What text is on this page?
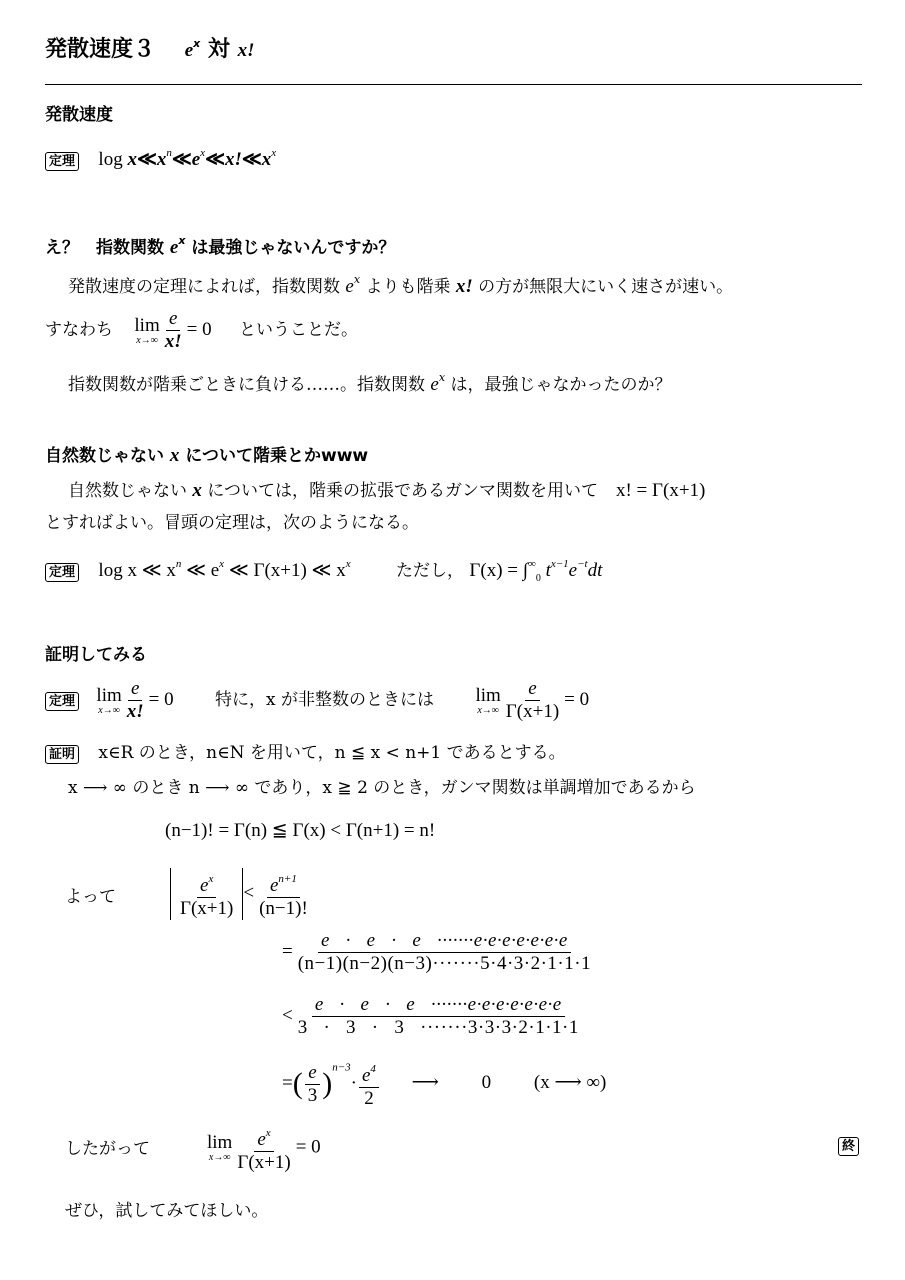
発散速度３ $e^x$ 対 x!
発散速度
定理 $\log x≪x^n≪e^x≪x!≪x^x$
え？　指数関数 $e^x$ は最強じゃないんですか？
発散速度の定理によれば，指数関数 $e^x$ よりも階乗 x! の方が無限大にいく速さが速い。
すなわち lim
$x\to\infty \frac{e}{x!} = 0$ ということだ。
指数関数が階乗ごときに負ける……。指数関数 $e^x$ は，最強じゃなかったのか？
自然数じゃない x について階乗とかwww
自然数じゃない x については，階乗の拡張であるガンマ関数を用いて x! = Γ(x+1)
とすればよい。冒頭の定理は，次のようになる。
定理 log x ≪ $x^n$ ≪ $e^x$ ≪ Γ(x+1) ≪ $x^x$	ただし， $\Gamma(x) = \int^\infty_0$ $t^{x-1}e^{-t}dt$
証明してみる
定理 lim
$x\to\infty \frac{e}{x!} = 0$ 特に，x が非整数のときには lim
$x\to\infty \frac{e}{\Gamma(x+1)} = 0$
証明 x∈R のとき，n∈N を用いて，n ≦ x < n+1 であるとする。
x ⟶ ∞ のとき n ⟶ ∞ であり，x ≧ 2 のとき，ガンマ関数は単調増加であるから
(n−1)! = Γ(n) ≦ Γ(x) < Γ(n+1) = n!
よって	$\frac{e^x}{\Gamma(x+1)} < \frac{e^{n+1}}{(n-1)!}$
= $\frac{e \cdot e \cdot e \cdot\cdot\cdot\cdot\cdot\cdot\cdot e\cdot e\cdot e\cdot e\cdot e\cdot e\cdot e}{(n-1)(n-2)(n-3)\cdot\cdot\cdot\cdot\cdot\cdot\cdot 5\cdot 4\cdot 3\cdot 2\cdot 1\cdot 1\cdot 1}$
< $\frac{e \cdot e \cdot e \cdot\cdot\cdot\cdot\cdot\cdot\cdot e\cdot e\cdot e\cdot e\cdot e\cdot e\cdot e}{3 \cdot 3 \cdot 3 \cdot\cdot\cdot\cdot\cdot\cdot\cdot 3\cdot 3\cdot 3\cdot 2\cdot 1\cdot 1\cdot 1}$
=( $\frac{e}{3} )^{n-3}\cdot \frac{e^4}{2}$ ⟶ 0 (x ⟶ ∞)
したがって	lim
$x\to\infty \frac{e^x}{\Gamma(x+1)} = 0$	終
ぜひ，試してみてほしい。
